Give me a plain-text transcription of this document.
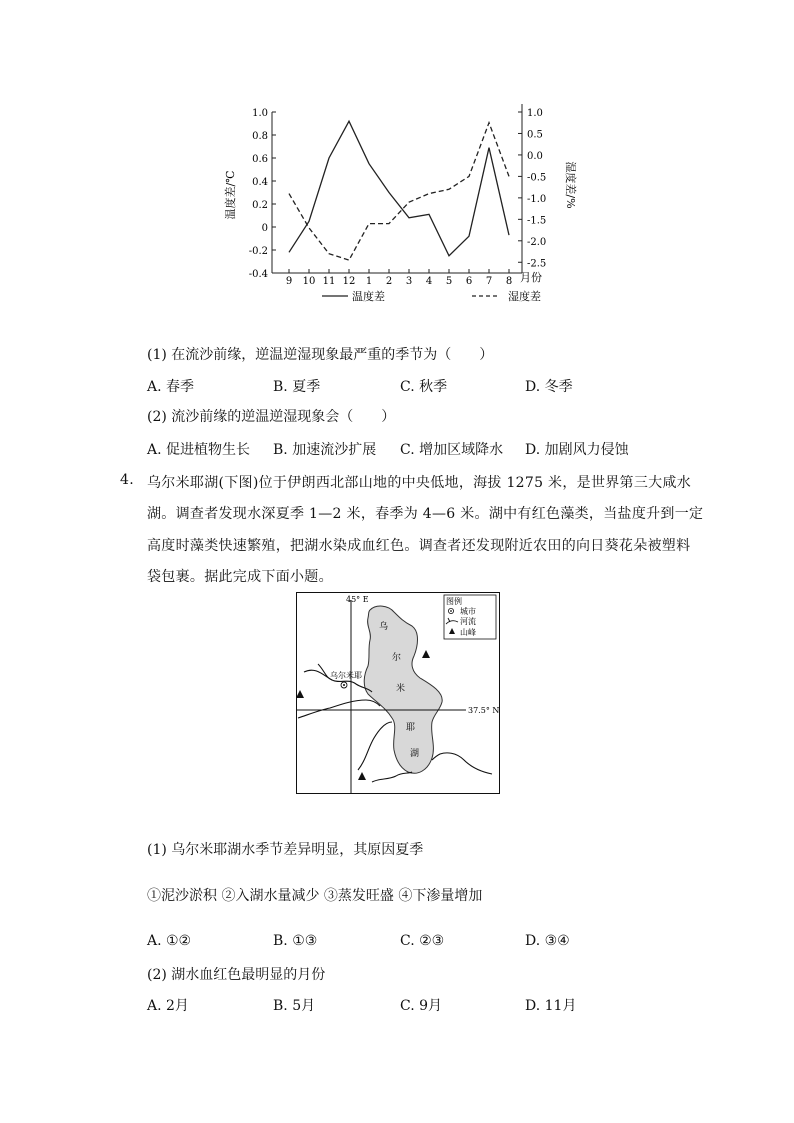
1.0
0.8
0.6
0.4
0.2
0
-0.2
-0.4
1.0
0.5
0.0
-0.5
-1.0
-1.5
-2.0
-2.5
9 10 11 12 1 2 3 4 5 6 7 8
温度差/℃	湿度差/%
月份
温度差	湿度差
(1) 在流沙前缘，逆温逆湿现象最严重的季节为（　　）
A. 春季	B. 夏季	C. 秋季	D. 冬季
(2) 流沙前缘的逆温逆湿现象会（　　）
A. 促进植物生长 B. 加速流沙扩展 C. 增加区域降水 D. 加剧风力侵蚀
4. 乌尔米耶湖(下图)位于伊朗西北部山地的中央低地，海拔 1275 米，是世界第三大咸水
湖。调查者发现水深夏季 1—2 米，春季为 4—6 米。湖中有红色藻类，当盐度升到一定
高度时藻类快速繁殖，把湖水染成血红色。调查者还发现附近农田的向日葵花朵被塑料
袋包裹。据此完成下面小题。
45° E
37.5° N
乌尔米耶
乌
尔
米
耶
湖
图例
城市
河流
山峰
(1) 乌尔米耶湖水季节差异明显，其原因夏季
①泥沙淤积 ②入湖水量减少 ③蒸发旺盛 ④下渗量增加
A. ①②	B. ①③	C. ②③	D. ③④
(2) 湖水血红色最明显的月份
A. 2月	B. 5月	C. 9月	D. 11月
